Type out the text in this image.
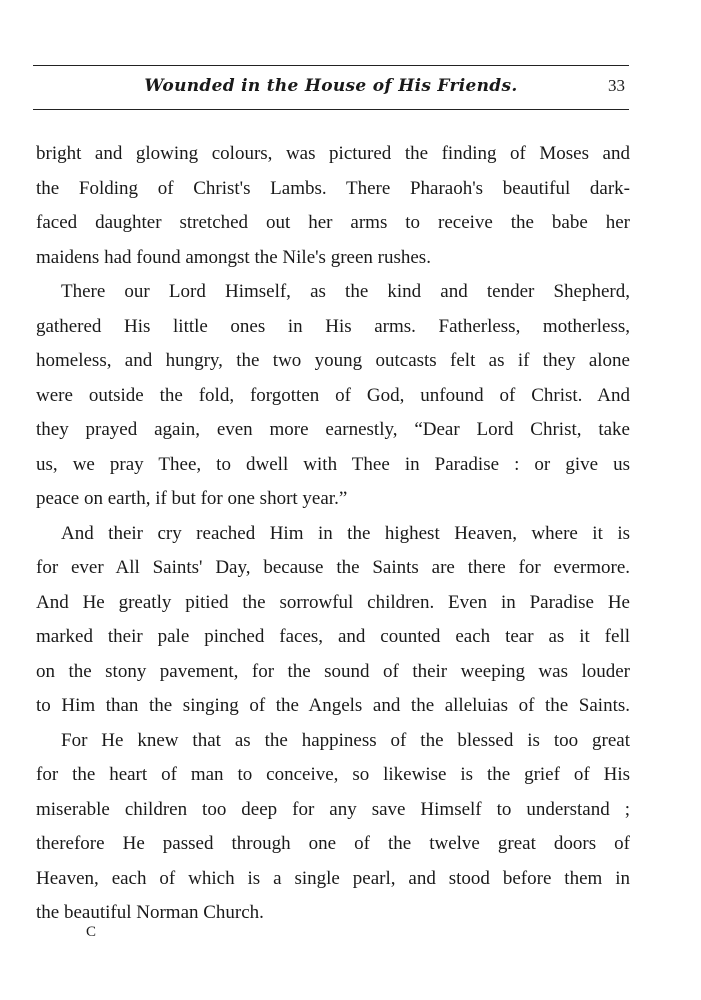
Wounded in the House of His Friends.	33
bright and glowing colours, was pictured the finding of Moses and
the Folding of Christ's Lambs. There Pharaoh's beautiful dark-
faced daughter stretched out her arms to receive the babe her
maidens had found amongst the Nile's green rushes.
There our Lord Himself, as the kind and tender Shepherd,
gathered His little ones in His arms. Fatherless, motherless,
homeless, and hungry, the two young outcasts felt as if they alone
were outside the fold, forgotten of God, unfound of Christ. And
they prayed again, even more earnestly, “Dear Lord Christ, take
us, we pray Thee, to dwell with Thee in Paradise : or give us
peace on earth, if but for one short year.”
And their cry reached Him in the highest Heaven, where it is
for ever All Saints' Day, because the Saints are there for evermore.
And He greatly pitied the sorrowful children. Even in Paradise He
marked their pale pinched faces, and counted each tear as it fell
on the stony pavement, for the sound of their weeping was louder
to Him than the singing of the Angels and the alleluias of the Saints.
For He knew that as the happiness of the blessed is too great
for the heart of man to conceive, so likewise is the grief of His
miserable children too deep for any save Himself to understand ;
therefore He passed through one of the twelve great doors of
Heaven, each of which is a single pearl, and stood before them in
the beautiful Norman Church.
C
